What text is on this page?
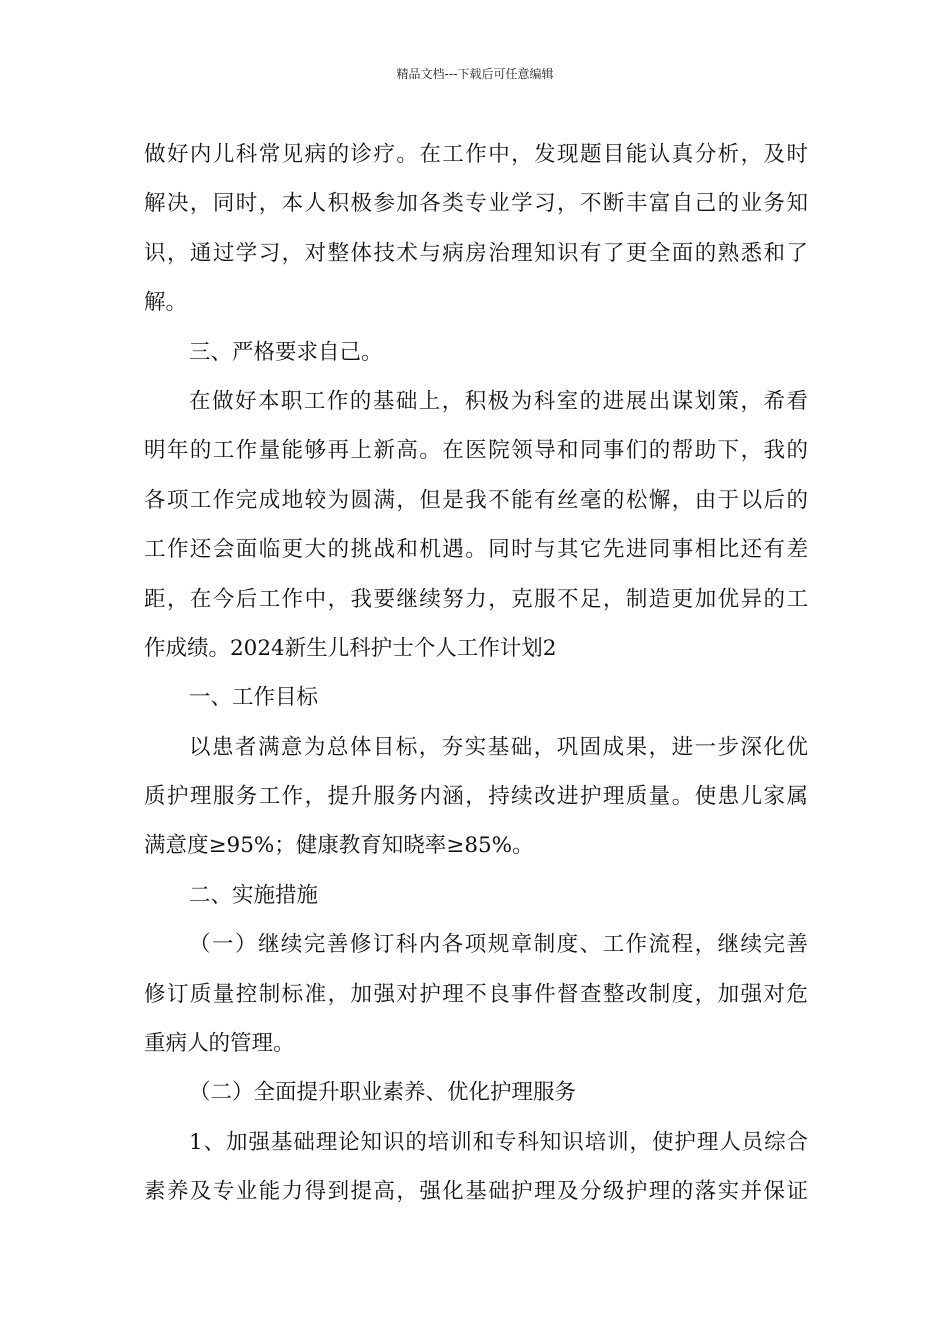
精品文档---下载后可任意编辑
做好内儿科常见病的诊疗。在工作中，发现题目能认真分析，及时
解决，同时，本人积极参加各类专业学习，不断丰富自己的业务知
识，通过学习，对整体技术与病房治理知识有了更全面的熟悉和了
解。
三、严格要求自己。
在做好本职工作的基础上，积极为科室的进展出谋划策，希看
明年的工作量能够再上新高。在医院领导和同事们的帮助下，我的
各项工作完成地较为圆满，但是我不能有丝毫的松懈，由于以后的
工作还会面临更大的挑战和机遇。同时与其它先进同事相比还有差
距，在今后工作中，我要继续努力，克服不足，制造更加优异的工
作成绩。2024新生儿科护士个人工作计划2
一、工作目标
以患者满意为总体目标，夯实基础，巩固成果，进一步深化优
质护理服务工作，提升服务内涵，持续改进护理质量。使患儿家属
满意度≥95%；健康教育知晓率≥85%。
二、实施措施
（一）继续完善修订科内各项规章制度、工作流程，继续完善
修订质量控制标准，加强对护理不良事件督查整改制度，加强对危
重病人的管理。
（二）全面提升职业素养、优化护理服务
1、加强基础理论知识的培训和专科知识培训，使护理人员综合
素养及专业能力得到提高，强化基础护理及分级护理的落实并保证
